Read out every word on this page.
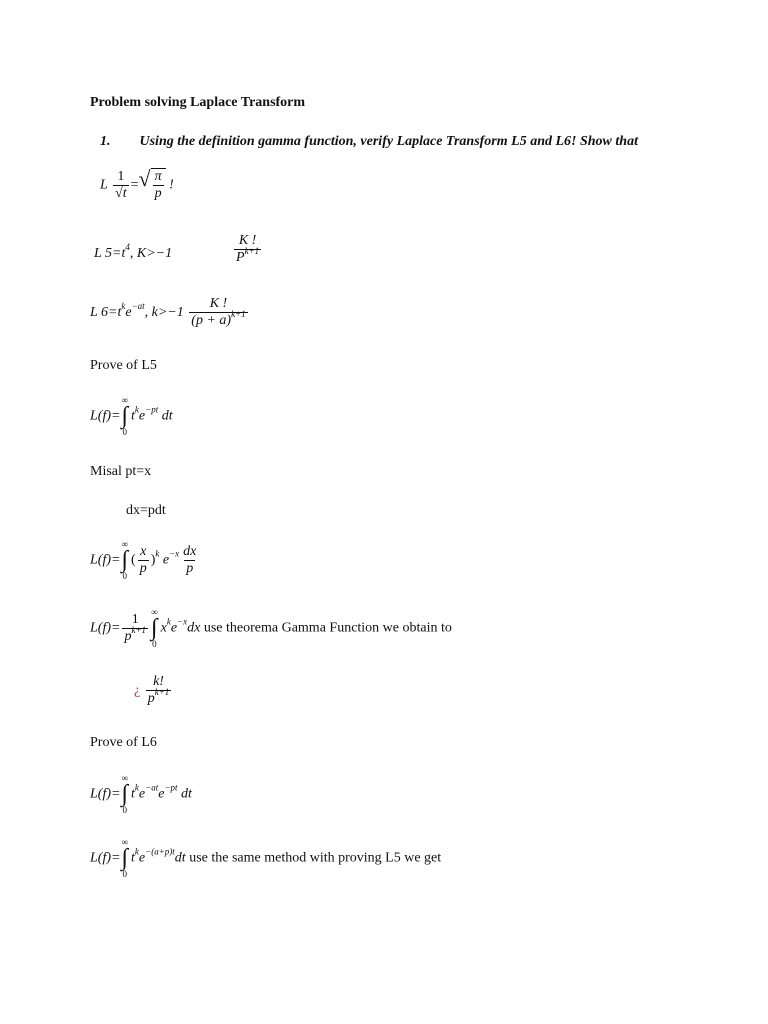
Problem solving Laplace Transform
1. Using the definition gamma function, verify Laplace Transform L5 and L6! Show that
L $\frac{1}{√t}$ = √ $\frac{\pi}{p}$ !
L $5=t^4$, K>−1	$\frac{K !}{P^{k+1}}$
L $6=t^ke^{-at}$, $k>-1 \frac{K !}{(p + a)^{k+1}}$
Prove of L5
L(f)=
∞
∫
0
$t^ke^{-pt}$ dt
Misal pt=x
dx=pdt
L(f)=
∞
∫
0
( $\frac{x}{p} )^k$ $e^{-x} \frac{dx}{p}$
$L(f)= \frac{1}{p^{k+1}}$ ∞
∫
0
$x^ke^{-x}dx$ use theorema Gamma Function we obtain to
¿ $\frac{k!}{p^{k+1}}$
Prove of L6
L(f)=
∞
∫
0
$t^ke^{-at}e^{-pt}$ dt
L(f)=
∞
∫
0
$t^ke^{-(a+p)t}dt$ use the same method with proving L5 we get
